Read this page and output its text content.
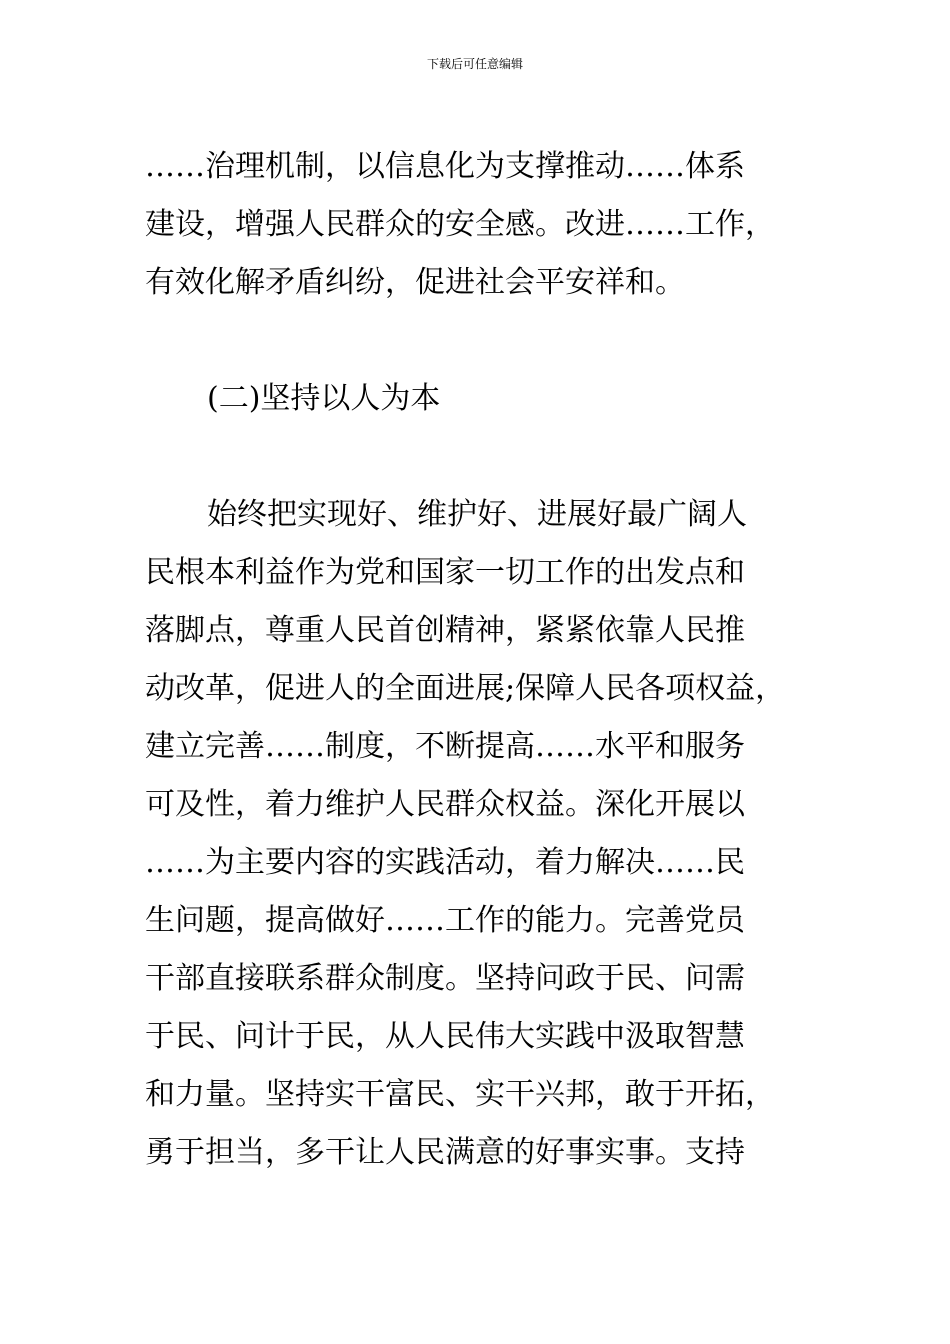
下载后可任意编辑
……治理机制，以信息化为支撑推动……体系
建设，增强人民群众的安全感。改进……工作，
有效化解矛盾纠纷，促进社会平安祥和。
(二)坚持以人为本
始终把实现好、维护好、进展好最广阔人
民根本利益作为党和国家一切工作的出发点和
落脚点，尊重人民首创精神，紧紧依靠人民推
动改革，促进人的全面进展;保障人民各项权益，
建立完善……制度，不断提高……水平和服务
可及性，着力维护人民群众权益。深化开展以
……为主要内容的实践活动，着力解决……民
生问题，提高做好……工作的能力。完善党员
干部直接联系群众制度。坚持问政于民、问需
于民、问计于民，从人民伟大实践中汲取智慧
和力量。坚持实干富民、实干兴邦，敢于开拓，
勇于担当，多干让人民满意的好事实事。支持
